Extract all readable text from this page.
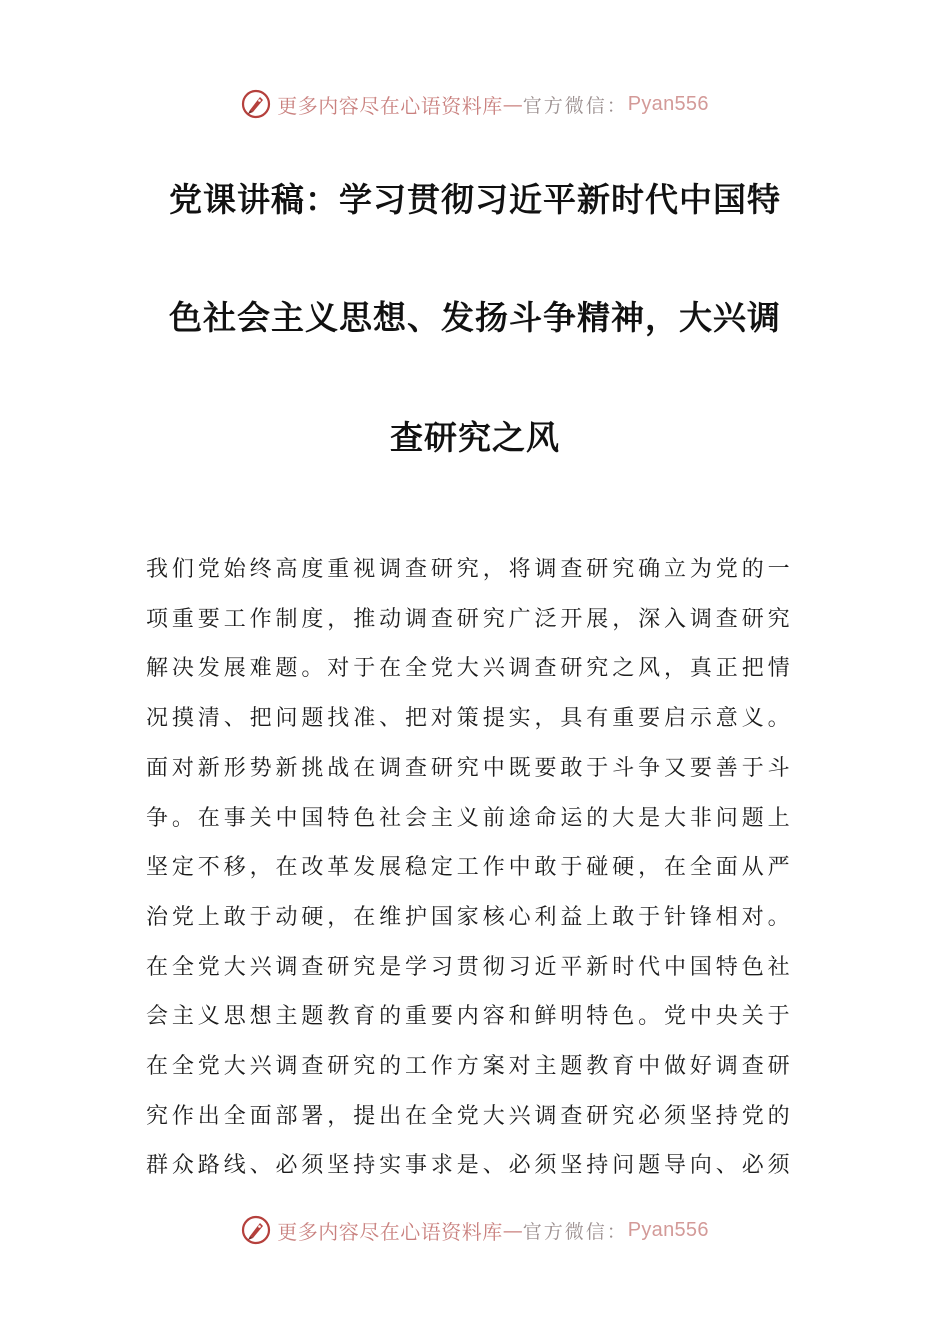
更多内容尽在心语资料库 — 官方微信： Pyan556
党课讲稿：学习贯彻习近平新时代中国特
色社会主义思想、发扬斗争精神，大兴调
查研究之风
我们党始终高度重视调查研究，将调查研究确立为党的一
项重要工作制度，推动调查研究广泛开展，深入调查研究
解决发展难题。对于在全党大兴调查研究之风，真正把情
况摸清、把问题找准、把对策提实，具有重要启示意义。
面对新形势新挑战在调查研究中既要敢于斗争又要善于斗
争。在事关中国特色社会主义前途命运的大是大非问题上
坚定不移，在改革发展稳定工作中敢于碰硬，在全面从严
治党上敢于动硬，在维护国家核心利益上敢于针锋相对。
在全党大兴调查研究是学习贯彻习近平新时代中国特色社
会主义思想主题教育的重要内容和鲜明特色。党中央关于
在全党大兴调查研究的工作方案对主题教育中做好调查研
究作出全面部署，提出在全党大兴调查研究必须坚持党的
群众路线、必须坚持实事求是、必须坚持问题导向、必须
更多内容尽在心语资料库 — 官方微信： Pyan556
